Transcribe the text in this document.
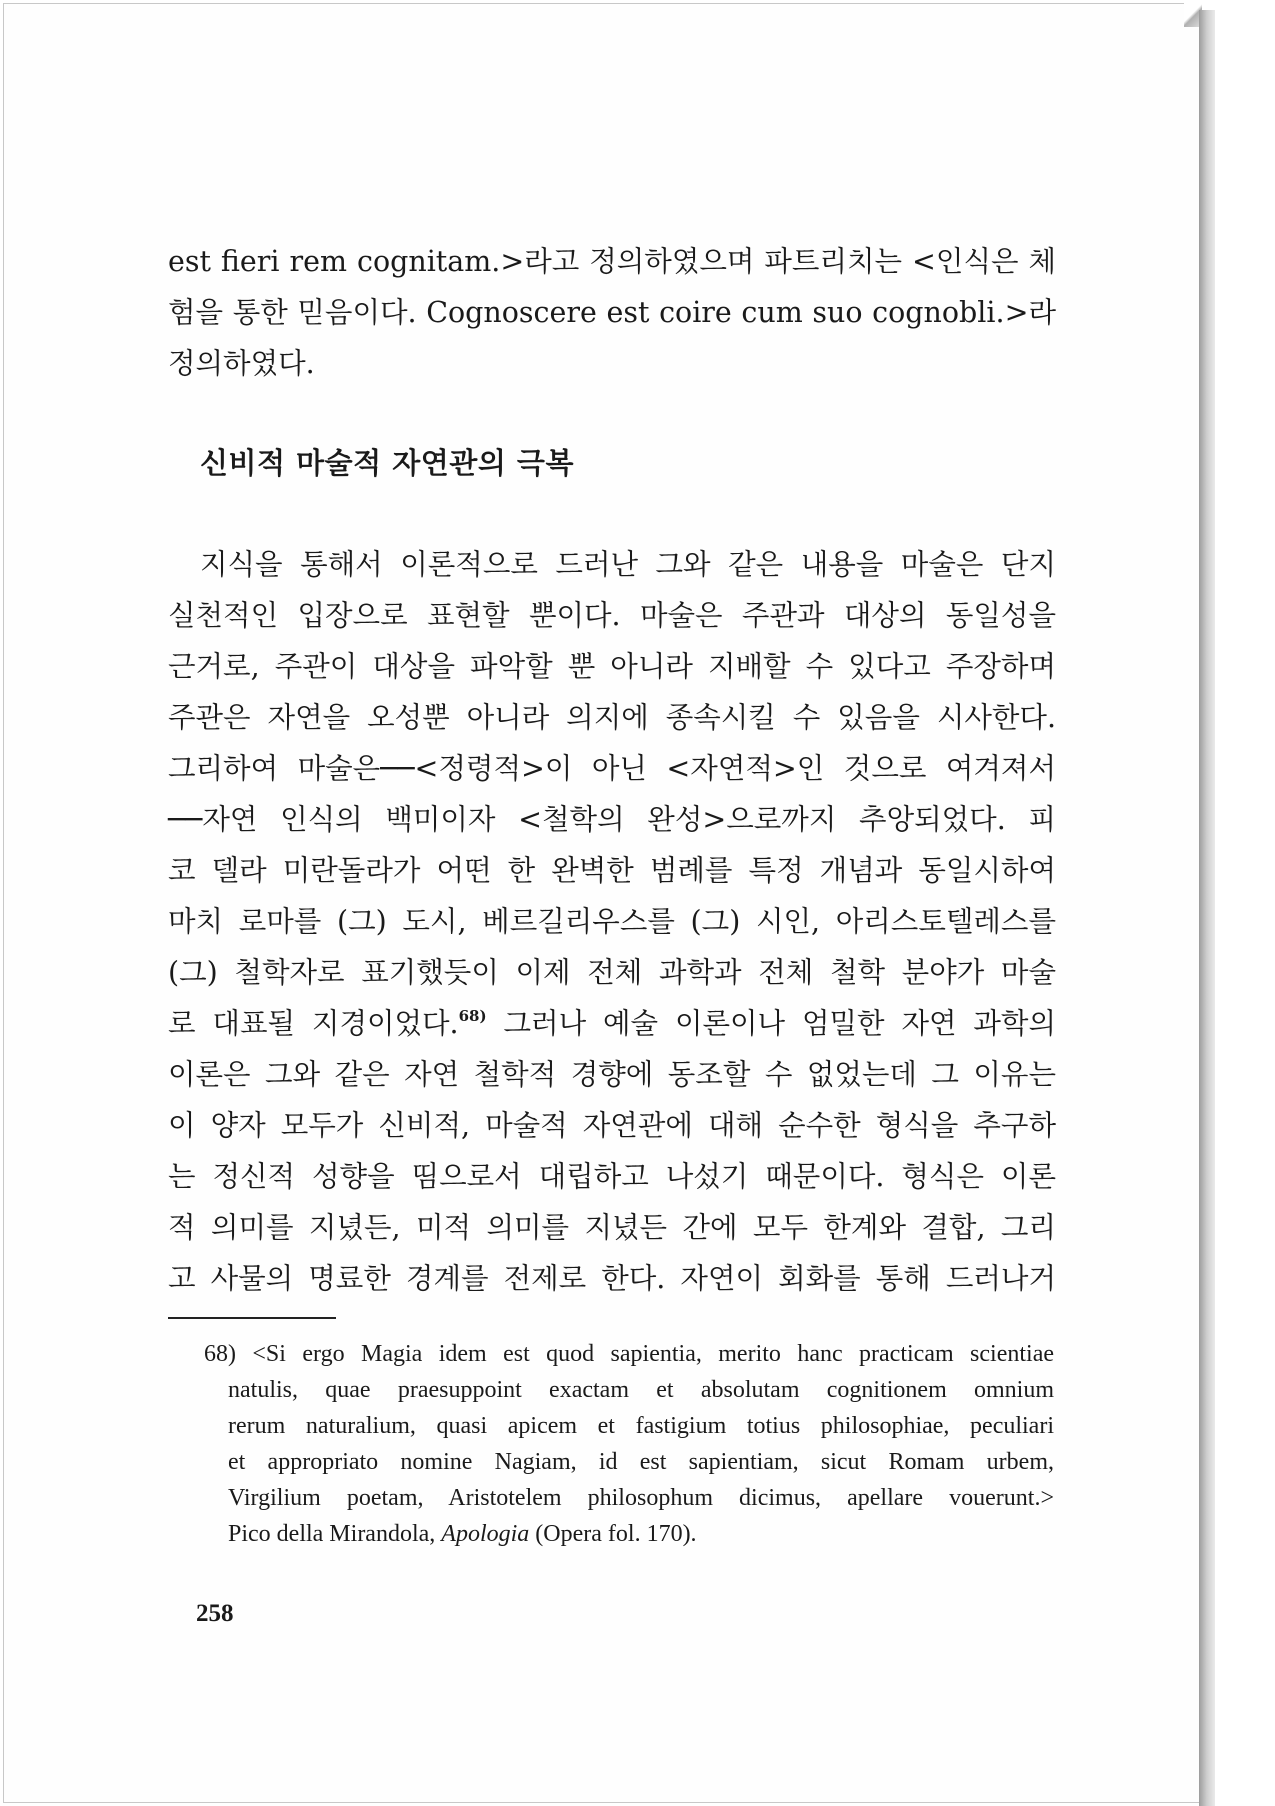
est fieri rem cognitam.>라고 정의하였으며 파트리치는 <인식은 체
험을 통한 믿음이다. Cognoscere est coire cum suo cognobli.>라
정의하였다.

신비적 마술적 자연관의 극복

지식을 통해서 이론적으로 드러난 그와 같은 내용을 마술은 단지
실천적인 입장으로 표현할 뿐이다. 마술은 주관과 대상의 동일성을
근거로, 주관이 대상을 파악할 뿐 아니라 지배할 수 있다고 주장하며
주관은 자연을 오성뿐 아니라 의지에 종속시킬 수 있음을 시사한다.
그리하여 마술은──<정령적>이 아닌 <자연적>인 것으로 여겨져서
──자연 인식의 백미이자 <철학의 완성>으로까지 추앙되었다. 피
코 델라 미란돌라가 어떤 한 완벽한 범례를 특정 개념과 동일시하여
마치 로마를 (그) 도시, 베르길리우스를 (그) 시인, 아리스토텔레스를
(그) 철학자로 표기했듯이 이제 전체 과학과 전체 철학 분야가 마술
로 대표될 지경이었다.$^{68)}$ 그러나 예술 이론이나 엄밀한 자연 과학의
이론은 그와 같은 자연 철학적 경향에 동조할 수 없었는데 그 이유는
이 양자 모두가 신비적, 마술적 자연관에 대해 순수한 형식을 추구하
는 정신적 성향을 띰으로서 대립하고 나섰기 때문이다. 형식은 이론
적 의미를 지녔든, 미적 의미를 지녔든 간에 모두 한계와 결합, 그리
고 사물의 명료한 경계를 전제로 한다. 자연이 회화를 통해 드러나거

68) <Si ergo Magia idem est quod sapientia, merito hanc practicam scientiae
natulis, quae praesuppoint exactam et absolutam cognitionem omnium
rerum naturalium, quasi apicem et fastigium totius philosophiae, peculiari
et appropriato nomine Nagiam, id est sapientiam, sicut Romam urbem,
Virgilium poetam, Aristotelem philosophum dicimus, apellare vouerunt.>
Pico della Mirandola, Apologia (Opera fol. 170).

258
